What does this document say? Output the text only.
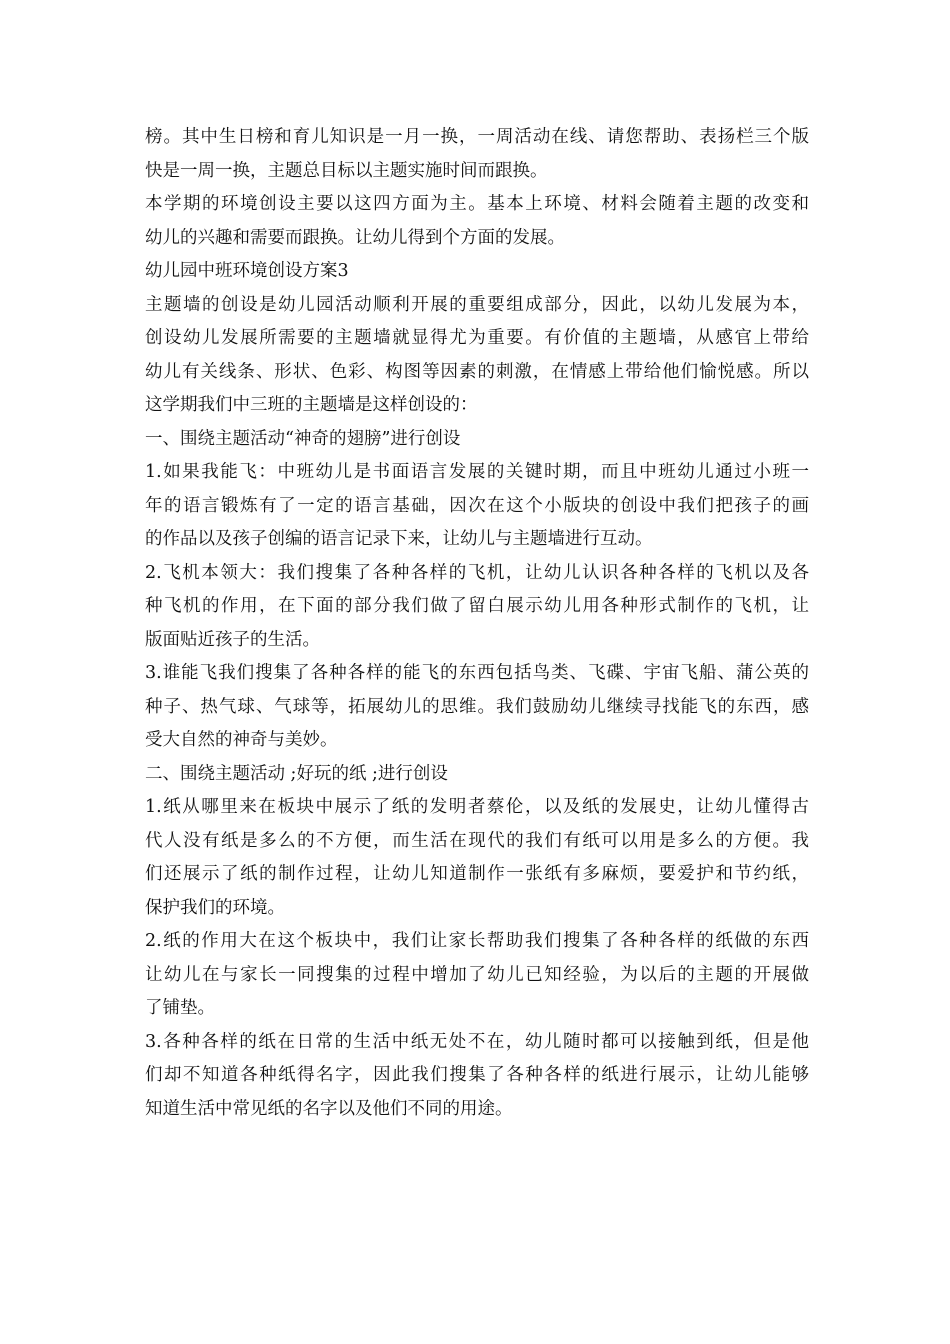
榜。其中生日榜和育儿知识是一月一换，一周活动在线、请您帮助、表扬栏三个版
快是一周一换，主题总目标以主题实施时间而跟换。
本学期的环境创设主要以这四方面为主。基本上环境、材料会随着主题的改变和
幼儿的兴趣和需要而跟换。让幼儿得到个方面的发展。
幼儿园中班环境创设方案3
主题墙的创设是幼儿园活动顺利开展的重要组成部分，因此，以幼儿发展为本，
创设幼儿发展所需要的主题墙就显得尤为重要。有价值的主题墙，从感官上带给
幼儿有关线条、形状、色彩、构图等因素的刺激，在情感上带给他们愉悦感。所以
这学期我们中三班的主题墙是这样创设的：
一、围绕主题活动“神奇的翅膀”进行创设
1.如果我能飞：中班幼儿是书面语言发展的关键时期，而且中班幼儿通过小班一
年的语言锻炼有了一定的语言基础，因次在这个小版块的创设中我们把孩子的画
的作品以及孩子创编的语言记录下来，让幼儿与主题墙进行互动。
2.飞机本领大：我们搜集了各种各样的飞机，让幼儿认识各种各样的飞机以及各
种飞机的作用，在下面的部分我们做了留白展示幼儿用各种形式制作的飞机，让
版面贴近孩子的生活。
3.谁能飞我们搜集了各种各样的能飞的东西包括鸟类、飞碟、宇宙飞船、蒲公英的
种子、热气球、气球等，拓展幼儿的思维。我们鼓励幼儿继续寻找能飞的东西，感
受大自然的神奇与美妙。
二、围绕主题活动 ;好玩的纸 ;进行创设
1.纸从哪里来在板块中展示了纸的发明者蔡伦，以及纸的发展史，让幼儿懂得古
代人没有纸是多么的不方便，而生活在现代的我们有纸可以用是多么的方便。我
们还展示了纸的制作过程，让幼儿知道制作一张纸有多麻烦，要爱护和节约纸，
保护我们的环境。
2.纸的作用大在这个板块中，我们让家长帮助我们搜集了各种各样的纸做的东西
让幼儿在与家长一同搜集的过程中增加了幼儿已知经验，为以后的主题的开展做
了铺垫。
3.各种各样的纸在日常的生活中纸无处不在，幼儿随时都可以接触到纸，但是他
们却不知道各种纸得名字，因此我们搜集了各种各样的纸进行展示，让幼儿能够
知道生活中常见纸的名字以及他们不同的用途。
